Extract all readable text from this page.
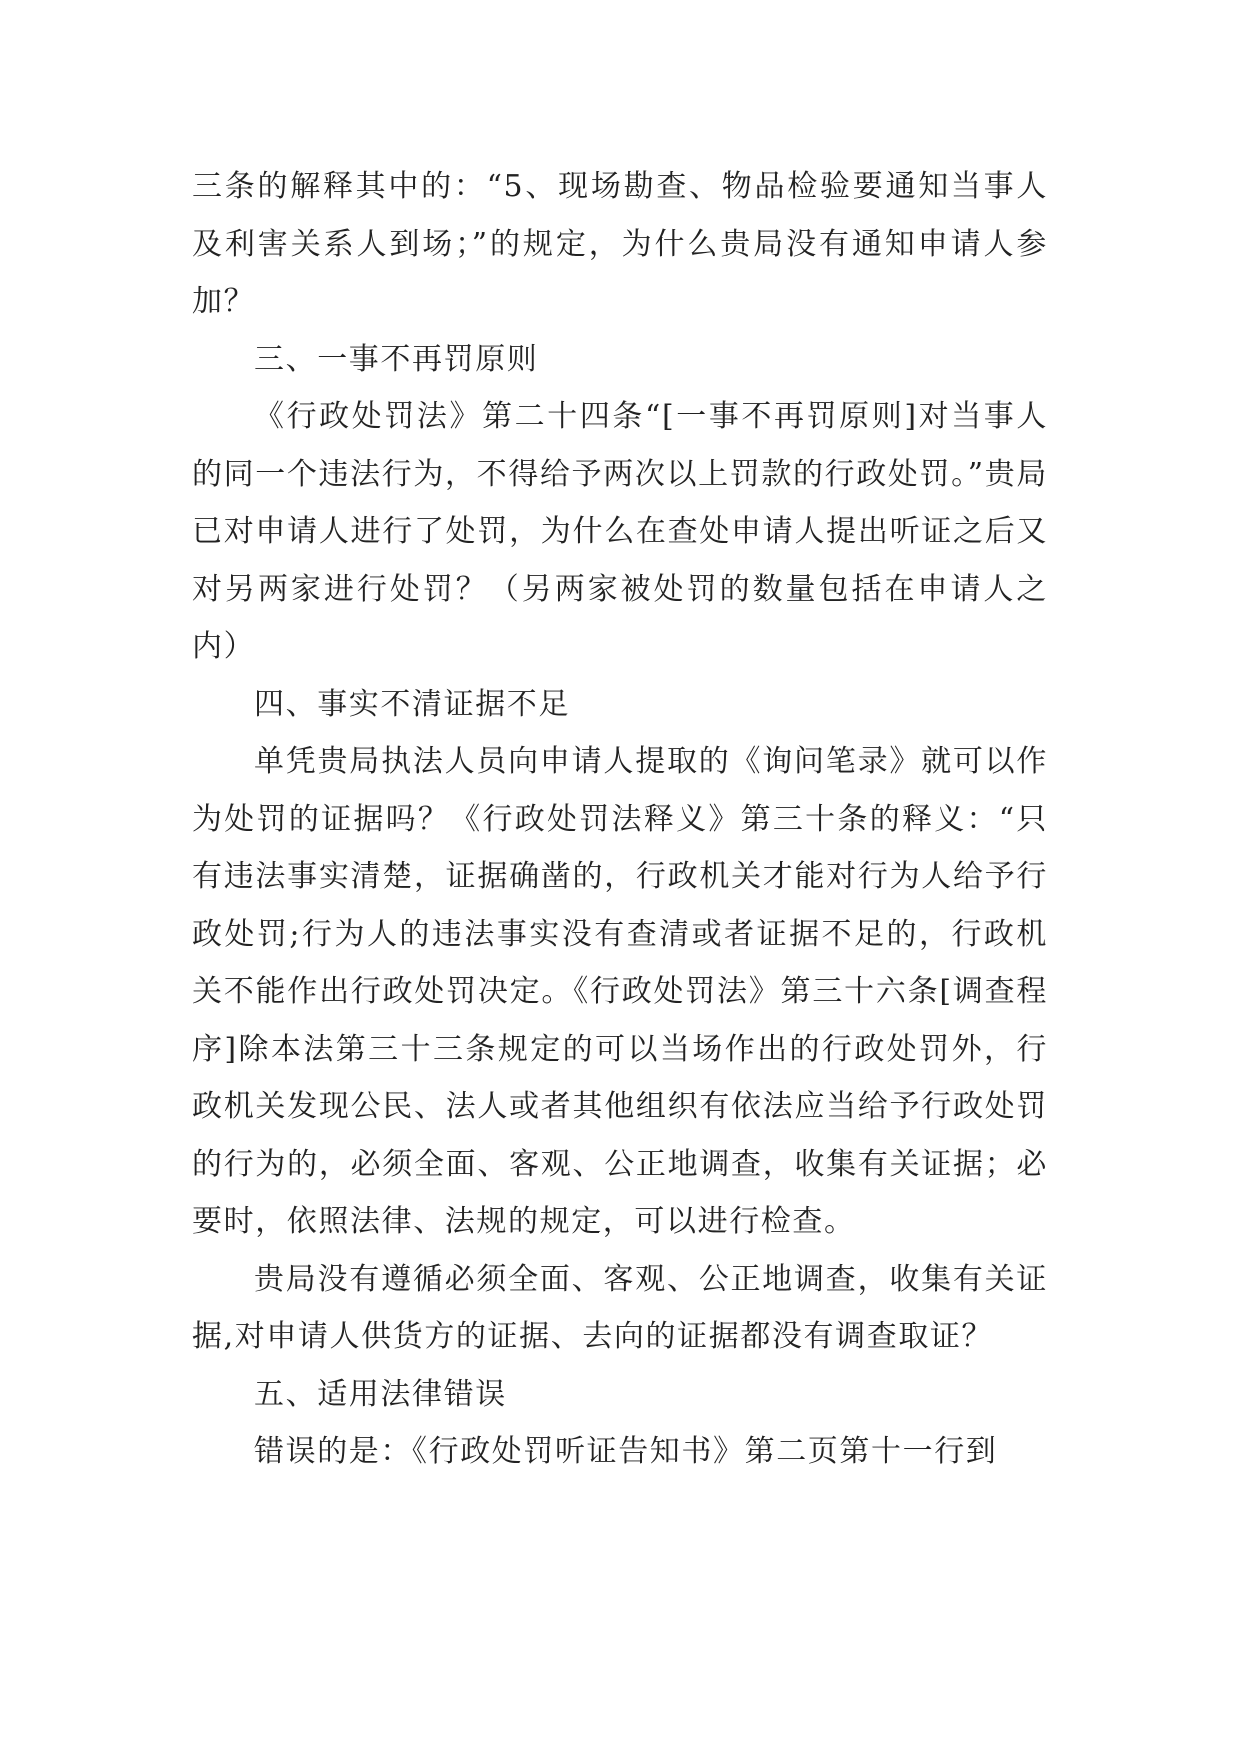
三条的解释其中的：“5、现场勘查、物品检验要通知当事人及利害关系人到场；”的规定，为什么贵局没有通知申请人参加？

三、一事不再罚原则

《行政处罚法》第二十四条“[一事不再罚原则]对当事人的同一个违法行为，不得给予两次以上罚款的行政处罚。”贵局已对申请人进行了处罚，为什么在查处申请人提出听证之后又对另两家进行处罚？（另两家被处罚的数量包括在申请人之内）

四、事实不清证据不足

单凭贵局执法人员向申请人提取的《询问笔录》就可以作为处罚的证据吗？《行政处罚法释义》第三十条的释义：“只有违法事实清楚，证据确凿的，行政机关才能对行为人给予行政处罚;行为人的违法事实没有查清或者证据不足的，行政机关不能作出行政处罚决定。《行政处罚法》第三十六条[调查程序]除本法第三十三条规定的可以当场作出的行政处罚外，行政机关发现公民、法人或者其他组织有依法应当给予行政处罚的行为的，必须全面、客观、公正地调查，收集有关证据；必要时，依照法律、法规的规定，可以进行检查。

贵局没有遵循必须全面、客观、公正地调查，收集有关证据,对申请人供货方的证据、去向的证据都没有调查取证？

五、适用法律错误

错误的是：《行政处罚听证告知书》第二页第十一行到
